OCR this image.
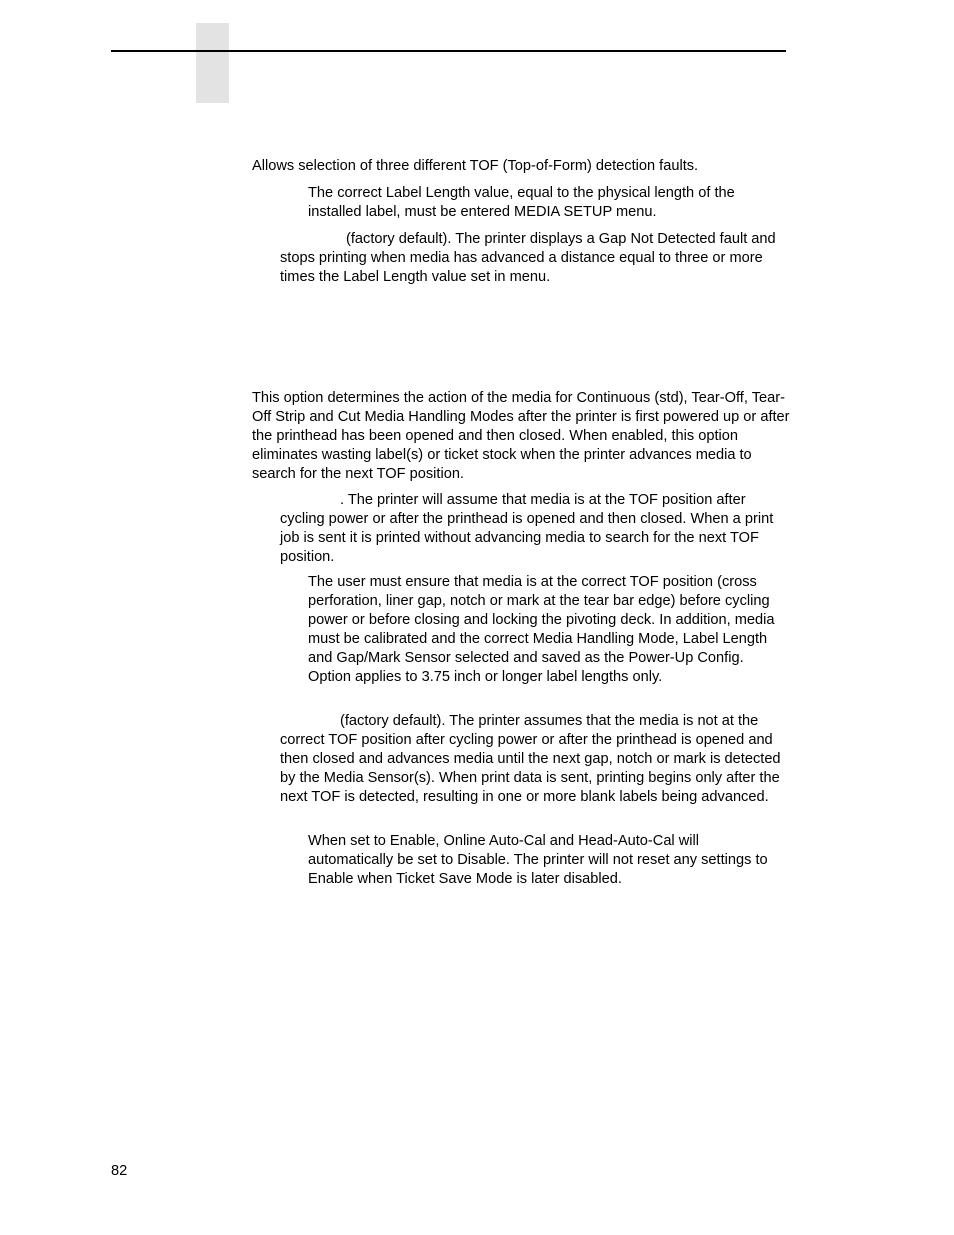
Allows selection of three different TOF (Top-of-Form) detection faults.

The correct Label Length value, equal to the physical length of the installed label, must be entered MEDIA SETUP menu.

(factory default). The printer displays a Gap Not Detected fault and stops printing when media has advanced a distance equal to three or more times the Label Length value set in menu.

This option determines the action of the media for Continuous (std), Tear-Off, Tear-Off Strip and Cut Media Handling Modes after the printer is first powered up or after the printhead has been opened and then closed. When enabled, this option eliminates wasting label(s) or ticket stock when the printer advances media to search for the next TOF position.

. The printer will assume that media is at the TOF position after cycling power or after the printhead is opened and then closed. When a print job is sent it is printed without advancing media to search for the next TOF position.

The user must ensure that media is at the correct TOF position (cross perforation, liner gap, notch or mark at the tear bar edge) before cycling power or before closing and locking the pivoting deck. In addition, media must be calibrated and the correct Media Handling Mode, Label Length and Gap/Mark Sensor selected and saved as the Power-Up Config. Option applies to 3.75 inch or longer label lengths only.

(factory default). The printer assumes that the media is not at the correct TOF position after cycling power or after the printhead is opened and then closed and advances media until the next gap, notch or mark is detected by the Media Sensor(s). When print data is sent, printing begins only after the next TOF is detected, resulting in one or more blank labels being advanced.

When set to Enable, Online Auto-Cal and Head-Auto-Cal will automatically be set to Disable. The printer will not reset any settings to Enable when Ticket Save Mode is later disabled.

82
